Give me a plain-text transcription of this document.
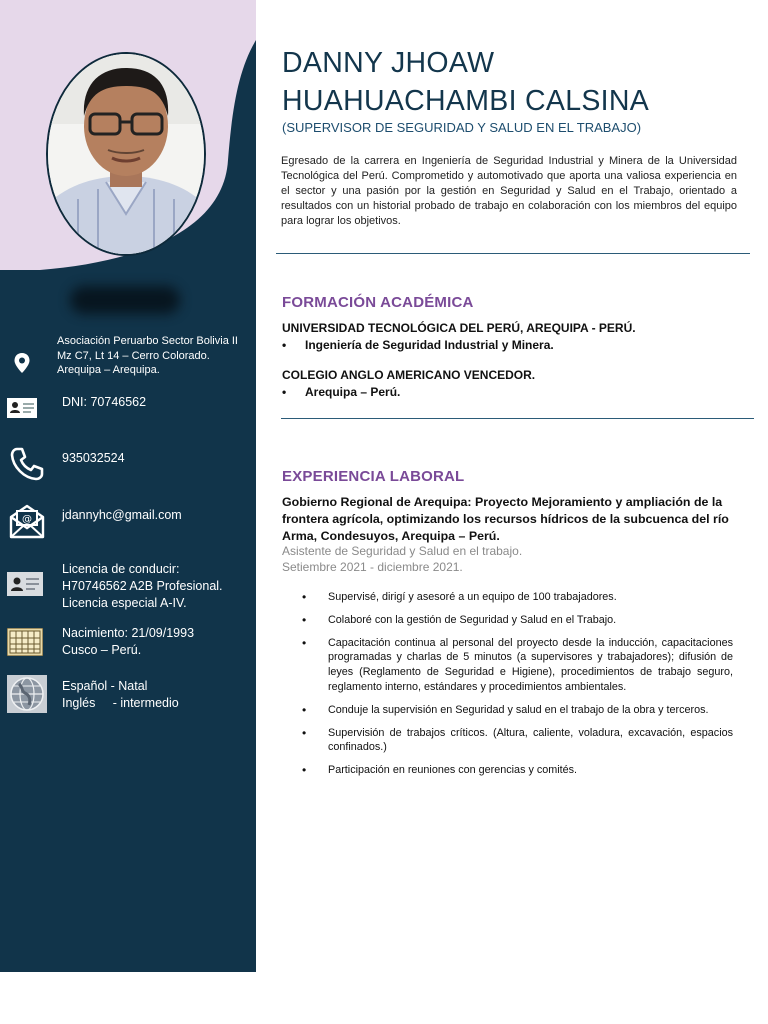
Asociación Peruarbo Sector Bolivia II
Mz C7, Lt 14 – Cerro Colorado.
Arequipa – Arequipa.
DNI: 70746562
935032524
@ jdannyhc@gmail.com
Licencia de conducir:
H70746562 A2B Profesional.
Licencia especial A-IV.
Nacimiento: 21/09/1993
Cusco – Perú.
Español - Natal
Inglés     - intermedio
DANNY JHOAW
HUAHUACHAMBI CALSINA
(SUPERVISOR DE SEGURIDAD Y SALUD EN EL TRABAJO)
Egresado de la carrera en Ingeniería de Seguridad Industrial y Minera de la Universidad Tecnológica del Perú. Comprometido y automotivado que aporta una valiosa experiencia en el sector y una pasión por la gestión en Seguridad y Salud en el Trabajo, orientado a resultados con un historial probado de trabajo en colaboración con los miembros del equipo para lograr los objetivos.
FORMACIÓN ACADÉMICA
UNIVERSIDAD TECNOLÓGICA DEL PERÚ, AREQUIPA - PERÚ.
• Ingeniería de Seguridad Industrial y Minera.
COLEGIO ANGLO AMERICANO VENCEDOR.
• Arequipa – Perú.
EXPERIENCIA LABORAL
Gobierno Regional de Arequipa: Proyecto Mejoramiento y ampliación de la frontera agrícola, optimizando los recursos hídricos de la subcuenca del río Arma, Condesuyos, Arequipa – Perú.
Asistente de Seguridad y Salud en el trabajo.
Setiembre 2021 - diciembre 2021.
• Supervisé, dirigí y asesoré a un equipo de 100 trabajadores.
• Colaboré con la gestión de Seguridad y Salud en el Trabajo.
• Capacitación continua al personal del proyecto desde la inducción, capacitaciones programadas y charlas de 5 minutos (a supervisores y trabajadores); difusión de leyes (Reglamento de Seguridad e Higiene), procedimientos de trabajo seguro, reglamento interno, estándares y procedimientos ambientales.
• Conduje la supervisión en Seguridad y salud en el trabajo de la obra y terceros.
• Supervisión de trabajos críticos. (Altura, caliente, voladura, excavación, espacios confinados.)
• Participación en reuniones con gerencias y comités.
